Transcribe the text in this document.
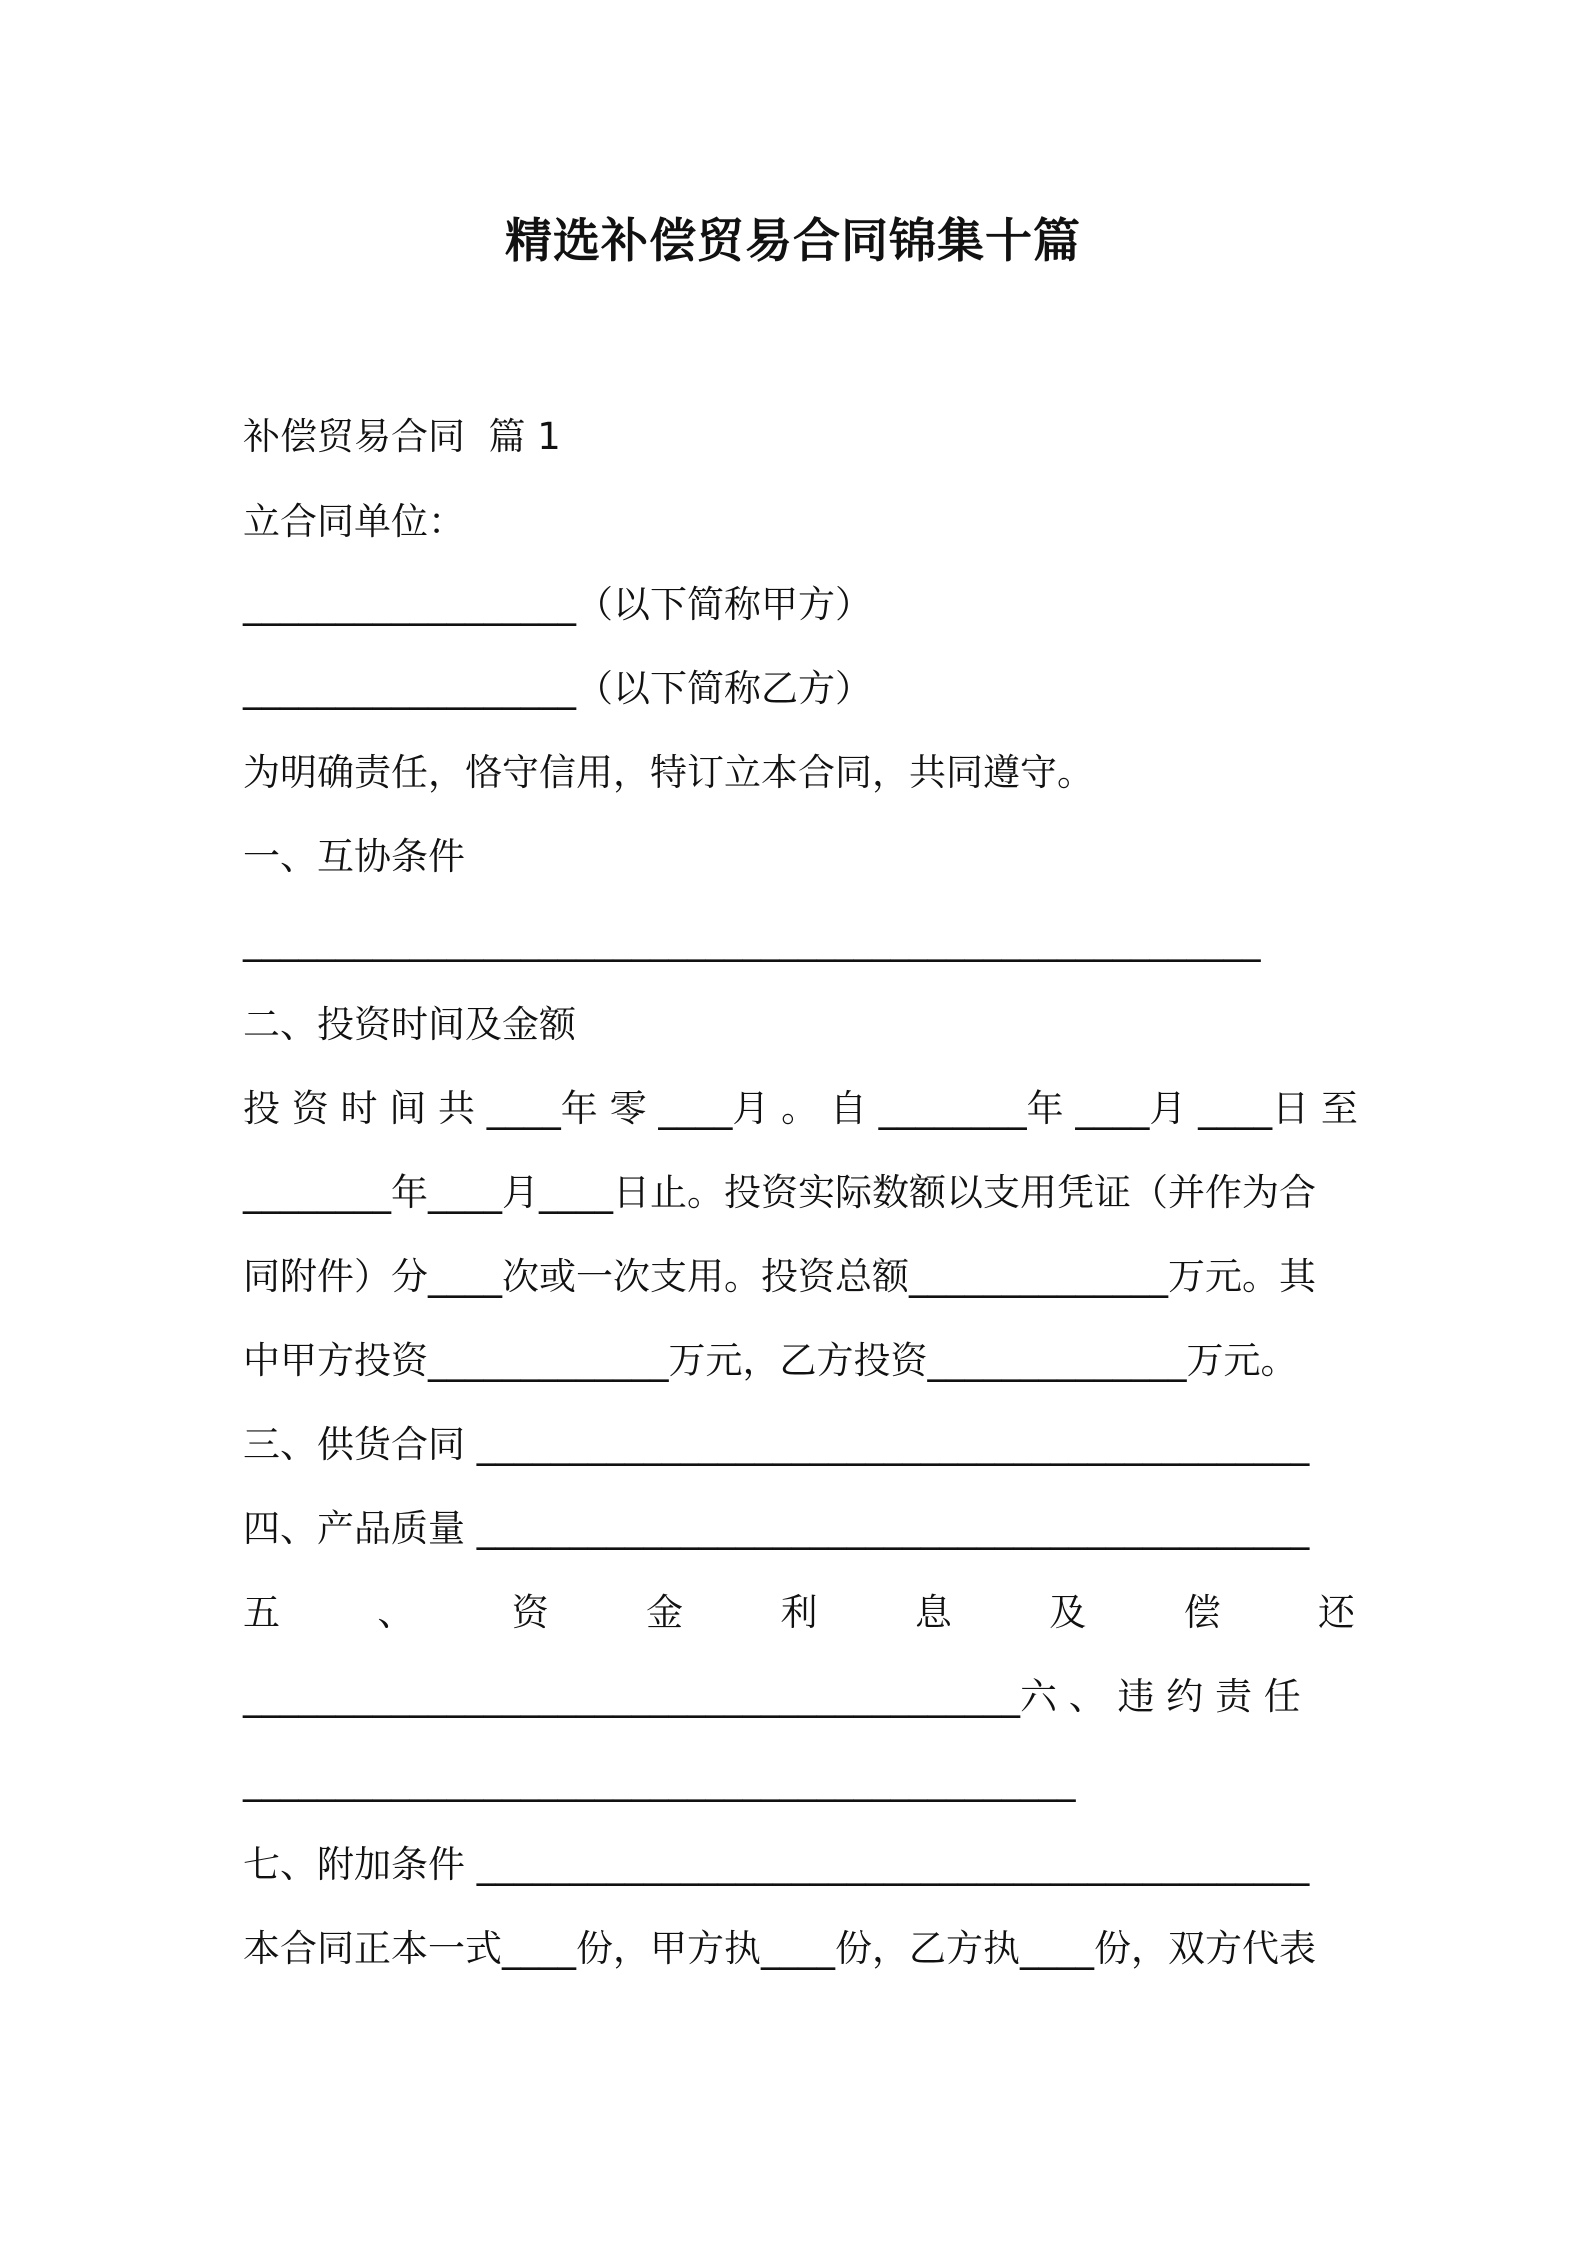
精选补偿贸易合同锦集十篇
补偿贸易合同  篇 1
立合同单位：
__________________（以下简称甲方）
__________________（以下简称乙方）
为明确责任，恪守信用，特订立本合同，共同遵守。
一、互协条件
_______________________________________________________
二、投资时间及金额
投 资 时 间 共 ____年 零 ____月 。 自 ________年 ____月 ____日 至
________年____月____日止。投资实际数额以支用凭证（并作为合
同附件）分____次或一次支用。投资总额______________万元。其
中甲方投资_____________万元，乙方投资______________万元。
三、供货合同 _____________________________________________
四、产品质量 _____________________________________________
五	、	资	金	利	息	及	偿	还
__________________________________________六 、 违 约 责 任
_____________________________________________
七、附加条件 _____________________________________________
本合同正本一式____份，甲方执____份，乙方执____份，双方代表
